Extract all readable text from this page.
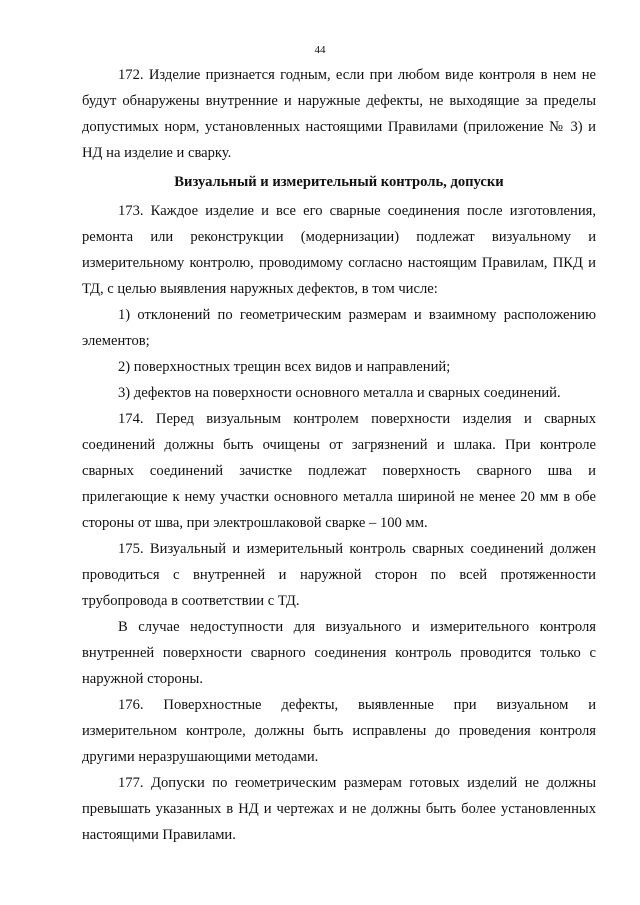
44

172. Изделие признается годным, если при любом виде контроля в нем не будут обнаружены внутренние и наружные дефекты, не выходящие за пределы допустимых норм, установленных настоящими Правилами (приложение № 3) и НД на изделие и сварку.

Визуальный и измерительный контроль, допуски

173. Каждое изделие и все его сварные соединения после изготовления, ремонта или реконструкции (модернизации) подлежат визуальному и измерительному контролю, проводимому согласно настоящим Правилам, ПКД и ТД, с целью выявления наружных дефектов, в том числе:

1) отклонений по геометрическим размерам и взаимному расположению элементов;

2) поверхностных трещин всех видов и направлений;

3) дефектов на поверхности основного металла и сварных соединений.

174. Перед визуальным контролем поверхности изделия и сварных соединений должны быть очищены от загрязнений и шлака. При контроле сварных соединений зачистке подлежат поверхность сварного шва и прилегающие к нему участки основного металла шириной не менее 20 мм в обе стороны от шва, при электрошлаковой сварке – 100 мм.

175. Визуальный и измерительный контроль сварных соединений должен проводиться с внутренней и наружной сторон по всей протяженности трубопровода в соответствии с ТД.

В случае недоступности для визуального и измерительного контроля внутренней поверхности сварного соединения контроль проводится только с наружной стороны.

176. Поверхностные дефекты, выявленные при визуальном и измерительном контроле, должны быть исправлены до проведения контроля другими неразрушающими методами.

177. Допуски по геометрическим размерам готовых изделий не должны превышать указанных в НД и чертежах и не должны быть более установленных настоящими Правилами.
